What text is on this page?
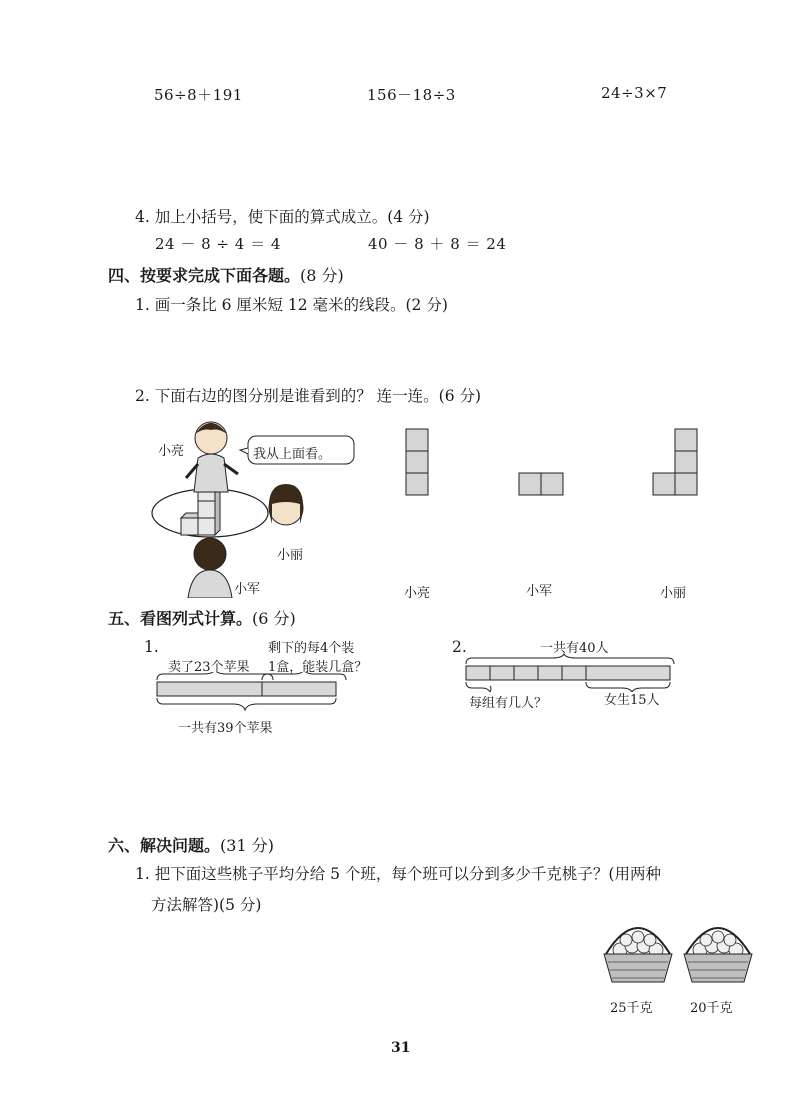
56÷8＋191	156－18÷3	24÷3×7
4. 加上小括号，使下面的算式成立。(4 分)
24 － 8 ÷ 4 ＝ 4	40 － 8 ＋ 8 ＝ 24
四、按要求完成下面各题。(8 分)
1. 画一条比 6 厘米短 12 毫米的线段。(2 分)
2. 下面右边的图分别是谁看到的？ 连一连。(6 分)
小亮	我从上面看。
小丽
小军	小亮	小军	小丽
五、看图列式计算。(6 分)
1.
卖了23个苹果
剩下的每4个装
1盒，能装几盒？
一共有39个苹果
2.	一共有40人
每组有几人？	女生15人
六、解决问题。(31 分)
1. 把下面这些桃子平均分给 5 个班，每个班可以分到多少千克桃子？(用两种
方法解答)(5 分)
25千克	20千克
31
